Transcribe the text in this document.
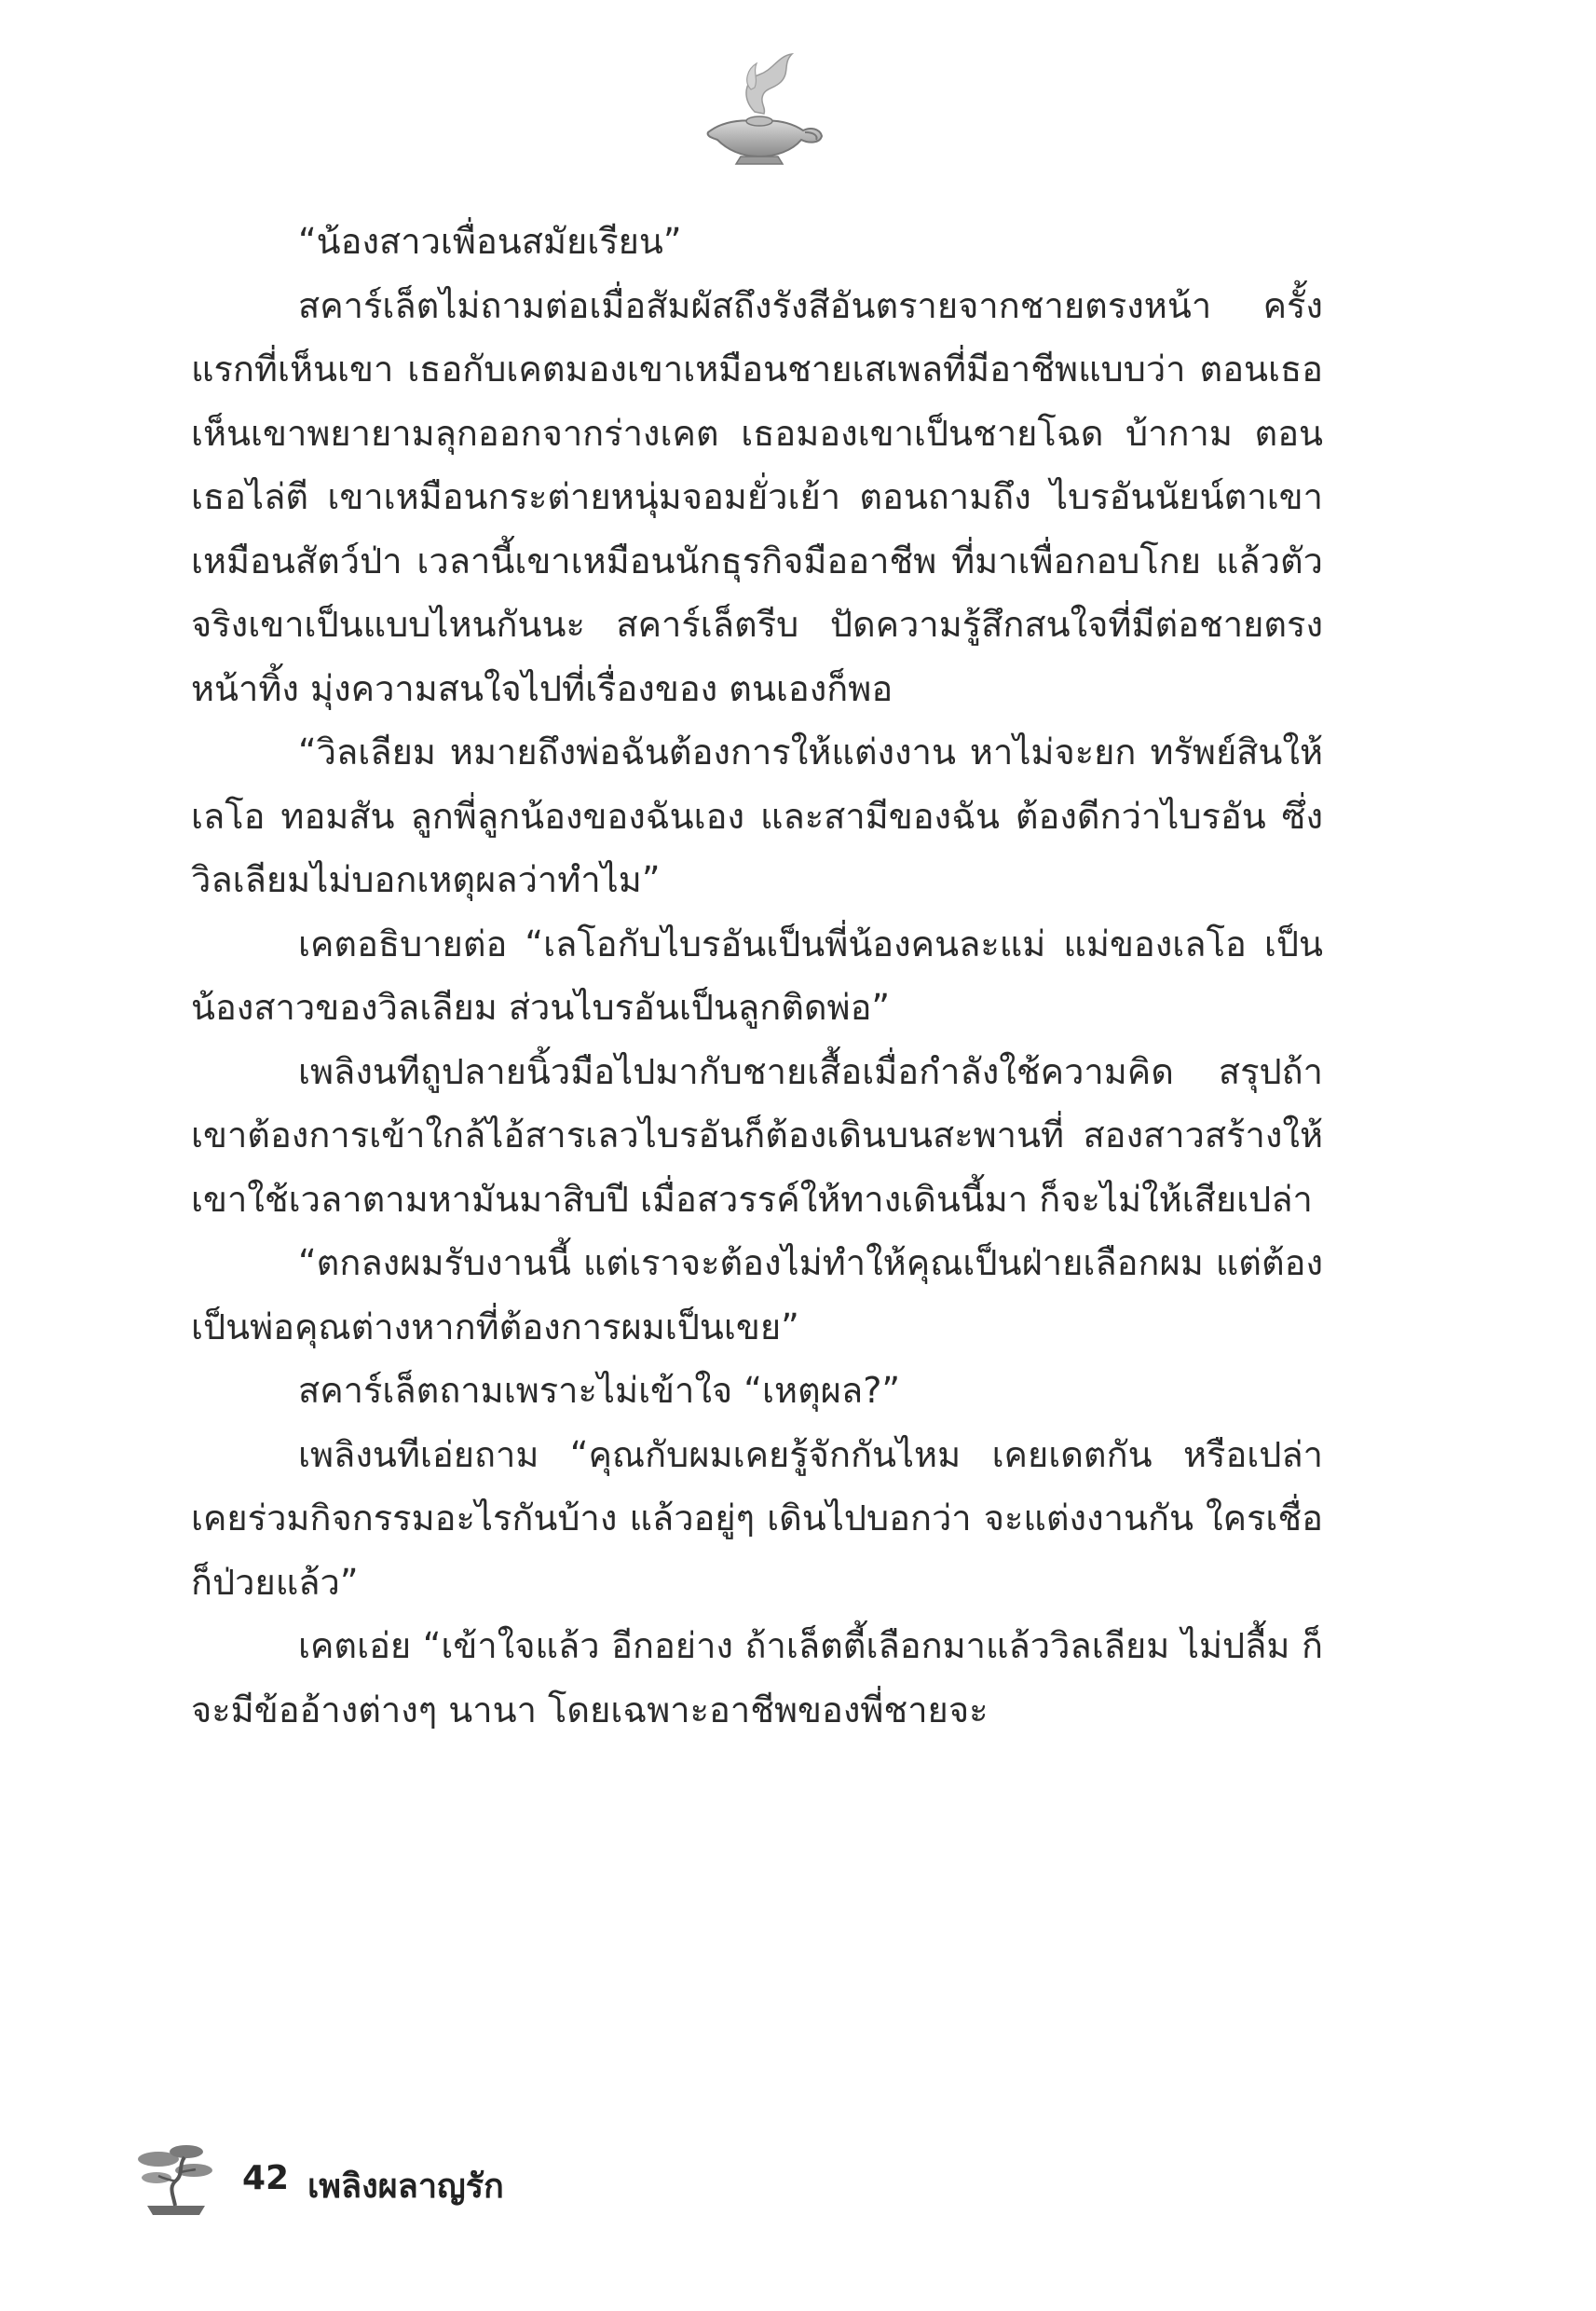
“น้องสาวเพื่อนสมัยเรียน”

สคาร์เล็ตไม่ถามต่อเมื่อสัมผัสถึงรังสีอันตรายจากชายตรงหน้า ครั้งแรกที่เห็นเขา เธอกับเคตมองเขาเหมือนชายเสเพลที่มีอาชีพแบบว่า ตอนเธอเห็นเขาพยายามลุกออกจากร่างเคต เธอมองเขาเป็นชายโฉด บ้ากาม ตอนเธอไล่ตี เขาเหมือนกระต่ายหนุ่มจอมยั่วเย้า ตอนถามถึง ไบรอันนัยน์ตาเขาเหมือนสัตว์ป่า เวลานี้เขาเหมือนนักธุรกิจมืออาชีพ ที่มาเพื่อกอบโกย แล้วตัวจริงเขาเป็นแบบไหนกันนะ สคาร์เล็ตรีบ ปัดความรู้สึกสนใจที่มีต่อชายตรงหน้าทิ้ง มุ่งความสนใจไปที่เรื่องของ ตนเองก็พอ

“วิลเลียม หมายถึงพ่อฉันต้องการให้แต่งงาน หาไม่จะยก ทรัพย์สินให้ เลโอ ทอมสัน ลูกพี่ลูกน้องของฉันเอง และสามีของฉัน ต้องดีกว่าไบรอัน ซึ่งวิลเลียมไม่บอกเหตุผลว่าทำไม”

เคตอธิบายต่อ “เลโอกับไบรอันเป็นพี่น้องคนละแม่ แม่ของเลโอ เป็นน้องสาวของวิลเลียม ส่วนไบรอันเป็นลูกติดพ่อ”

เพลิงนทีถูปลายนิ้วมือไปมากับชายเสื้อเมื่อกำลังใช้ความคิด สรุปถ้าเขาต้องการเข้าใกล้ไอ้สารเลวไบรอันก็ต้องเดินบนสะพานที่ สองสาวสร้างให้ เขาใช้เวลาตามหามันมาสิบปี เมื่อสวรรค์ให้ทางเดินนี้มา ก็จะไม่ให้เสียเปล่า

“ตกลงผมรับงานนี้ แต่เราจะต้องไม่ทำให้คุณเป็นฝ่ายเลือกผม แต่ต้องเป็นพ่อคุณต่างหากที่ต้องการผมเป็นเขย”

สคาร์เล็ตถามเพราะไม่เข้าใจ “เหตุผล?”

เพลิงนทีเอ่ยถาม “คุณกับผมเคยรู้จักกันไหม เคยเดตกัน หรือเปล่า เคยร่วมกิจกรรมอะไรกันบ้าง แล้วอยู่ๆ เดินไปบอกว่า จะแต่งงานกัน ใครเชื่อก็ป่วยแล้ว”

เคตเอ่ย “เข้าใจแล้ว อีกอย่าง ถ้าเล็ตตี้เลือกมาแล้ววิลเลียม ไม่ปลื้ม ก็จะมีข้ออ้างต่างๆ นานา โดยเฉพาะอาชีพของพี่ชายจะ

42 เพลิงผลาญรัก
